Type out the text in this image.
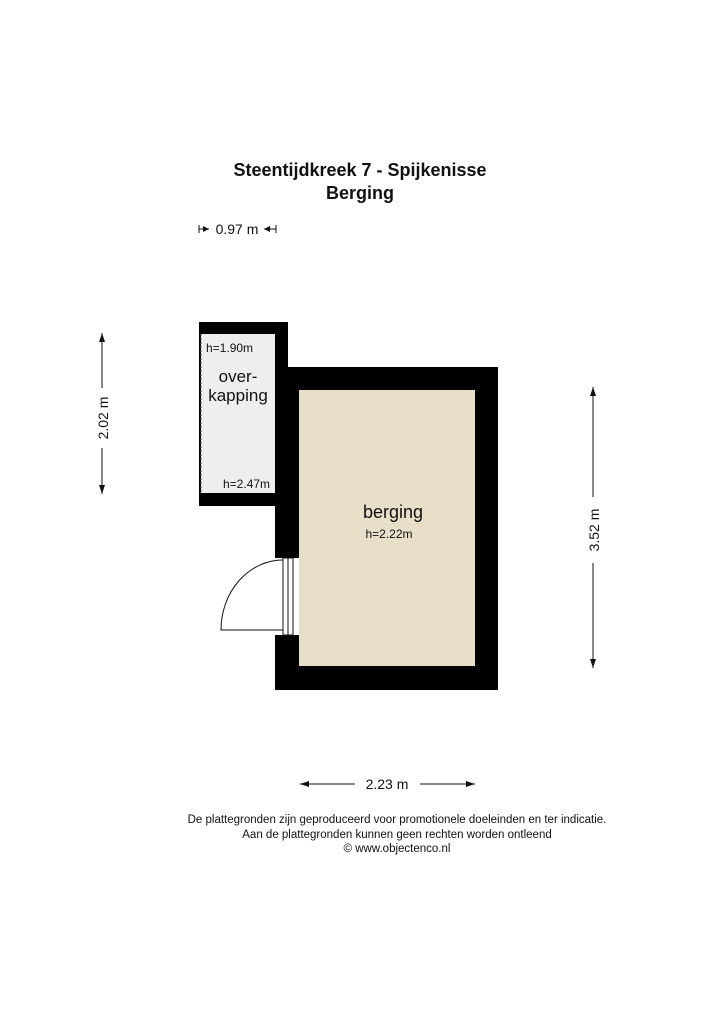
Steentijdkreek 7 - Spijkenisse
Berging
0.97 m
2.02 m
3.52 m
2.23 m
h=1.90m
over-
kapping
h=2.47m
berging
h=2.22m
De plattegronden zijn geproduceerd voor promotionele doeleinden en ter indicatie.
Aan de plattegronden kunnen geen rechten worden ontleend
© www.objectenco.nl
